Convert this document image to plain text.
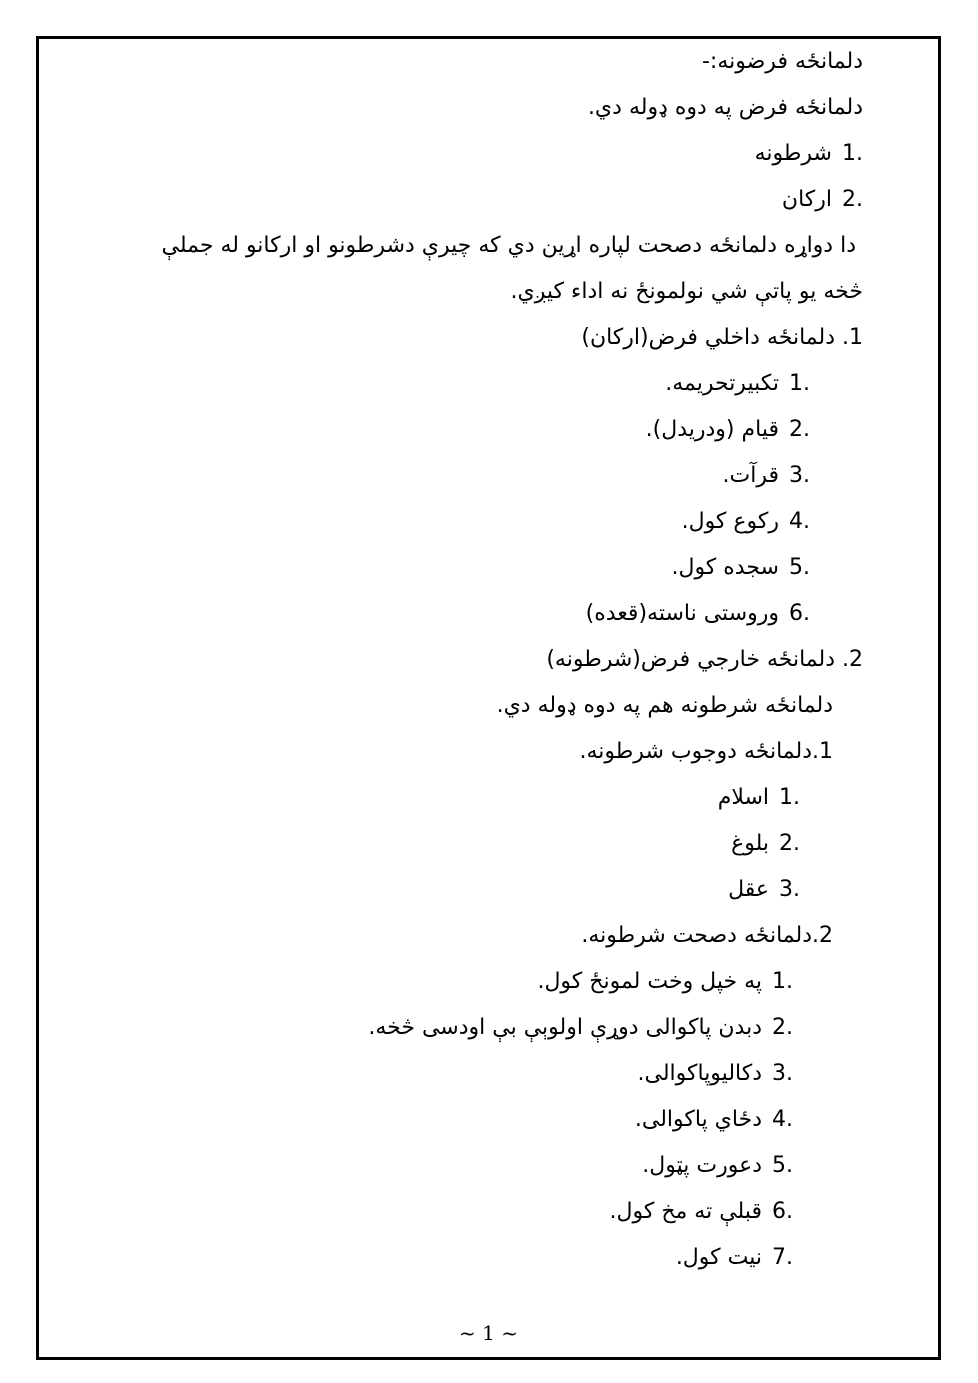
دلمانځه فرضونه:-
دلمانځه فرض په دوه ډوله دي.
1.شرطونه
2.ارکان
دا دواړه دلمانځه دصحت لپاره اړین دي که چیرې دشرطونو او ارکانو له جملې
څخه یو پاتې شي نولمونځ نه اداء کیږي.
1. دلمانځه داخلي فرض(ارکان)
1.تکبیرتحریمه.
2.قیام (ودریدل).
3.قرآت.
4.رکوع کول.
5.سجده کول.
6.وروستی ناسته(قعده)
2. دلمانځه خارجي فرض(شرطونه)
دلمانځه شرطونه هم په دوه ډوله دي.
1.دلمانځه دوجوب شرطونه.
1.اسلام
2.بلوغ
3.عقل
2.دلمانځه دصحت شرطونه.
1.په خپل وخت لمونځ کول.
2.دبدن پاکوالی دوړې اولوېې بې اودسی څخه.
3.دکالیوپاکوالی.
4.دځاي پاکوالی.
5.دعورت پټول.
6.قبلې ته مخ کول.
7.نیت کول.
~ 1 ~
